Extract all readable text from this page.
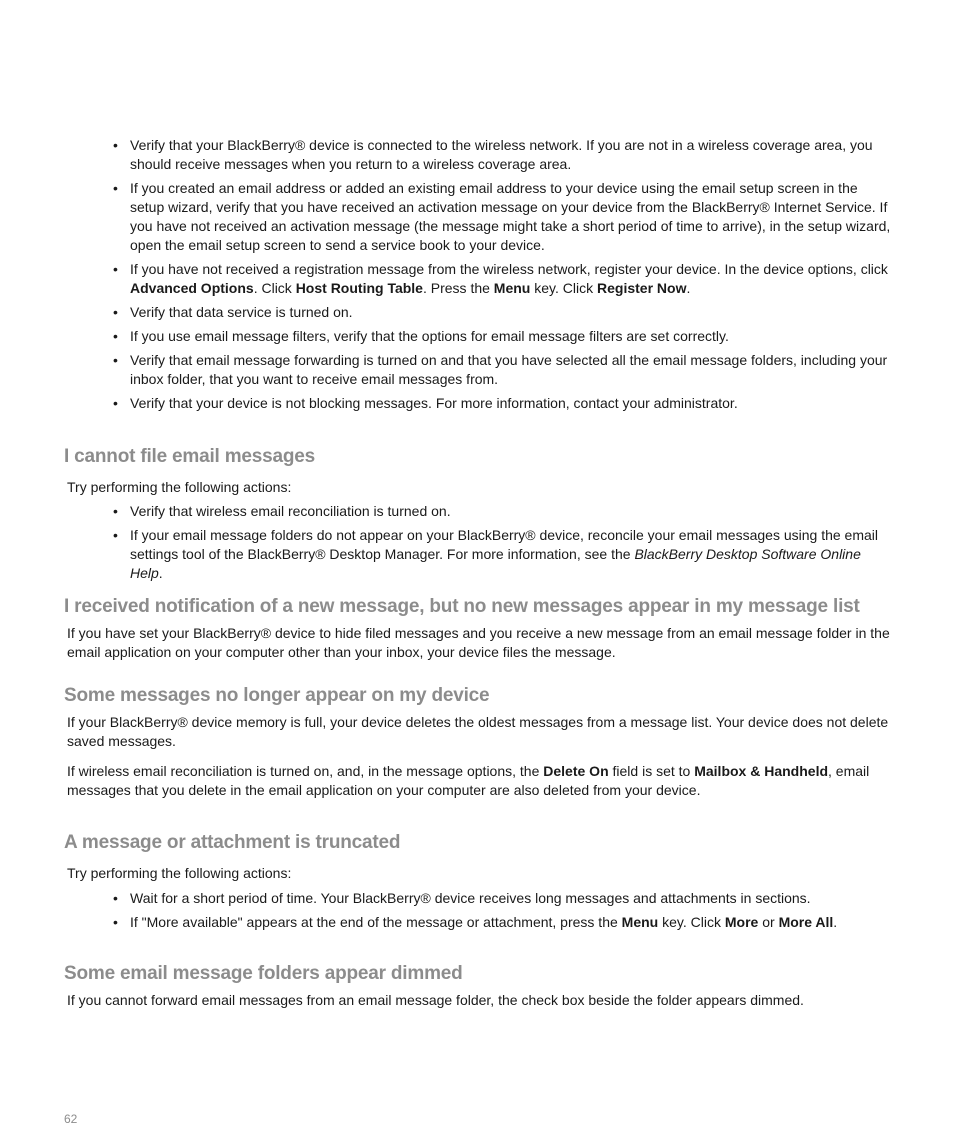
• Verify that your BlackBerry® device is connected to the wireless network. If you are not in a wireless coverage area, you should receive messages when you return to a wireless coverage area.
• If you created an email address or added an existing email address to your device using the email setup screen in the setup wizard, verify that you have received an activation message on your device from the BlackBerry® Internet Service. If you have not received an activation message (the message might take a short period of time to arrive), in the setup wizard, open the email setup screen to send a service book to your device.
• If you have not received a registration message from the wireless network, register your device. In the device options, click Advanced Options. Click Host Routing Table. Press the Menu key. Click Register Now.
• Verify that data service is turned on.
• If you use email message filters, verify that the options for email message filters are set correctly.
• Verify that email message forwarding is turned on and that you have selected all the email message folders, including your inbox folder, that you want to receive email messages from.
• Verify that your device is not blocking messages. For more information, contact your administrator.
I cannot file email messages

Try performing the following actions:

• Verify that wireless email reconciliation is turned on.
• If your email message folders do not appear on your BlackBerry® device, reconcile your email messages using the email settings tool of the BlackBerry® Desktop Manager. For more information, see the BlackBerry Desktop Software Online Help.
I received notification of a new message, but no new messages appear in my message list

If you have set your BlackBerry® device to hide filed messages and you receive a new message from an email message folder in the email application on your computer other than your inbox, your device files the message.

Some messages no longer appear on my device

If your BlackBerry® device memory is full, your device deletes the oldest messages from a message list. Your device does not delete saved messages.

If wireless email reconciliation is turned on, and, in the message options, the Delete On field is set to Mailbox & Handheld, email messages that you delete in the email application on your computer are also deleted from your device.

A message or attachment is truncated

Try performing the following actions:

• Wait for a short period of time. Your BlackBerry® device receives long messages and attachments in sections.
• If "More available" appears at the end of the message or attachment, press the Menu key. Click More or More All.
Some email message folders appear dimmed

If you cannot forward email messages from an email message folder, the check box beside the folder appears dimmed.

62
